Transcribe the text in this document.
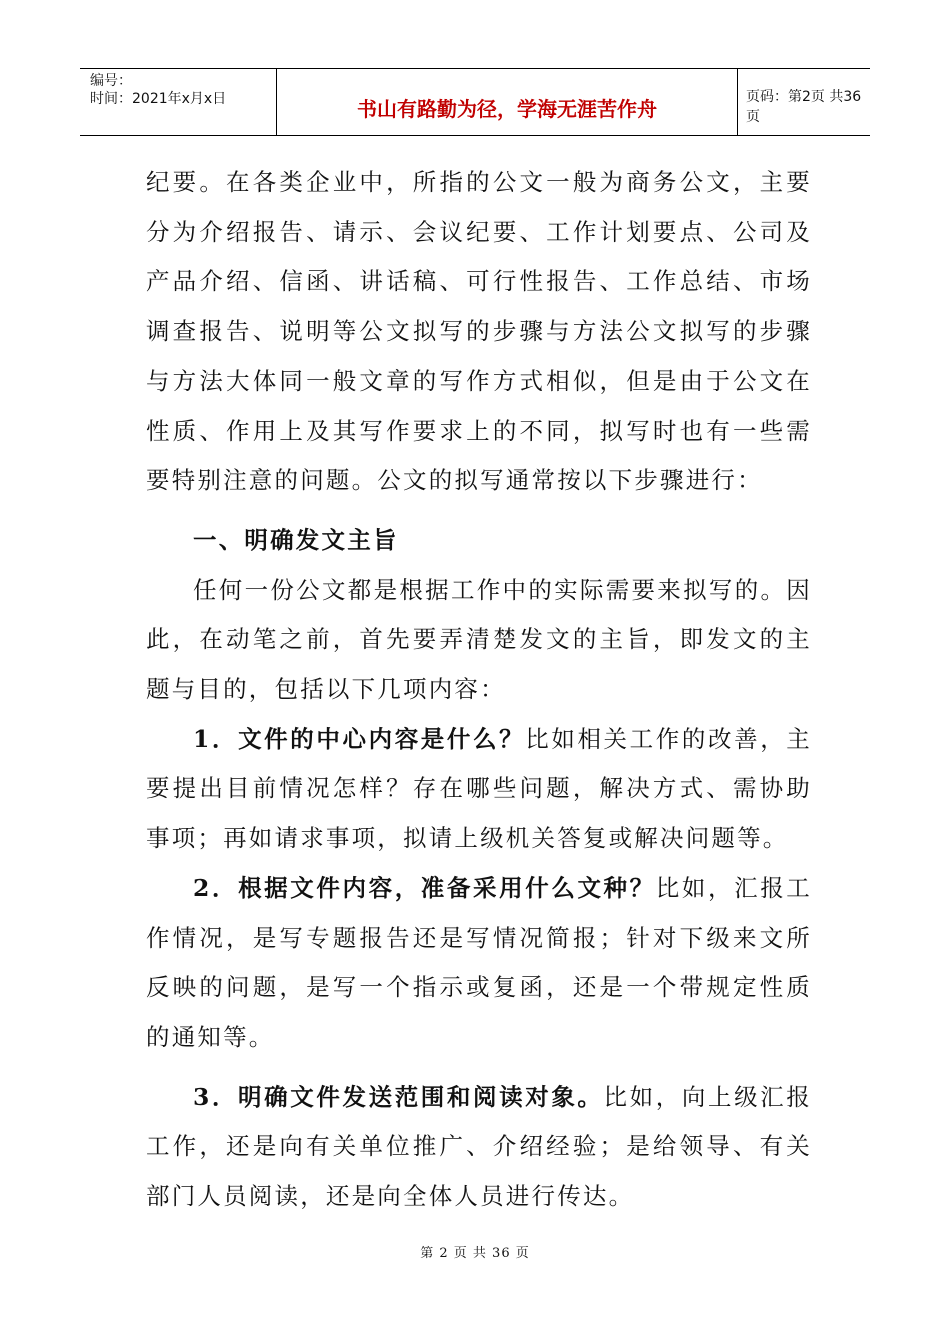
编号：
时间：2021年x月x日	书山有路勤为径，学海无涯苦作舟	页码：第2页 共36页

纪要。在各类企业中，所指的公文一般为商务公文，主要分为介绍报告、请示、会议纪要、工作计划要点、公司及产品介绍、信函、讲话稿、可行性报告、工作总结、市场调查报告、说明等公文拟写的步骤与方法公文拟写的步骤与方法大体同一般文章的写作方式相似，但是由于公文在性质、作用上及其写作要求上的不同，拟写时也有一些需要特别注意的问题。公文的拟写通常按以下步骤进行：

一、明确发文主旨

任何一份公文都是根据工作中的实际需要来拟写的。因此，在动笔之前，首先要弄清楚发文的主旨，即发文的主题与目的，包括以下几项内容：

1．文件的中心内容是什么？比如相关工作的改善，主要提出目前情况怎样？存在哪些问题，解决方式、需协助事项；再如请求事项，拟请上级机关答复或解决问题等。

2．根据文件内容，准备采用什么文种？比如，汇报工作情况，是写专题报告还是写情况简报；针对下级来文所反映的问题，是写一个指示或复函，还是一个带规定性质的通知等。

3．明确文件发送范围和阅读对象。比如，向上级汇报工作，还是向有关单位推广、介绍经验；是给领导、有关部门人员阅读，还是向全体人员进行传达。

第 2 页 共 36 页
